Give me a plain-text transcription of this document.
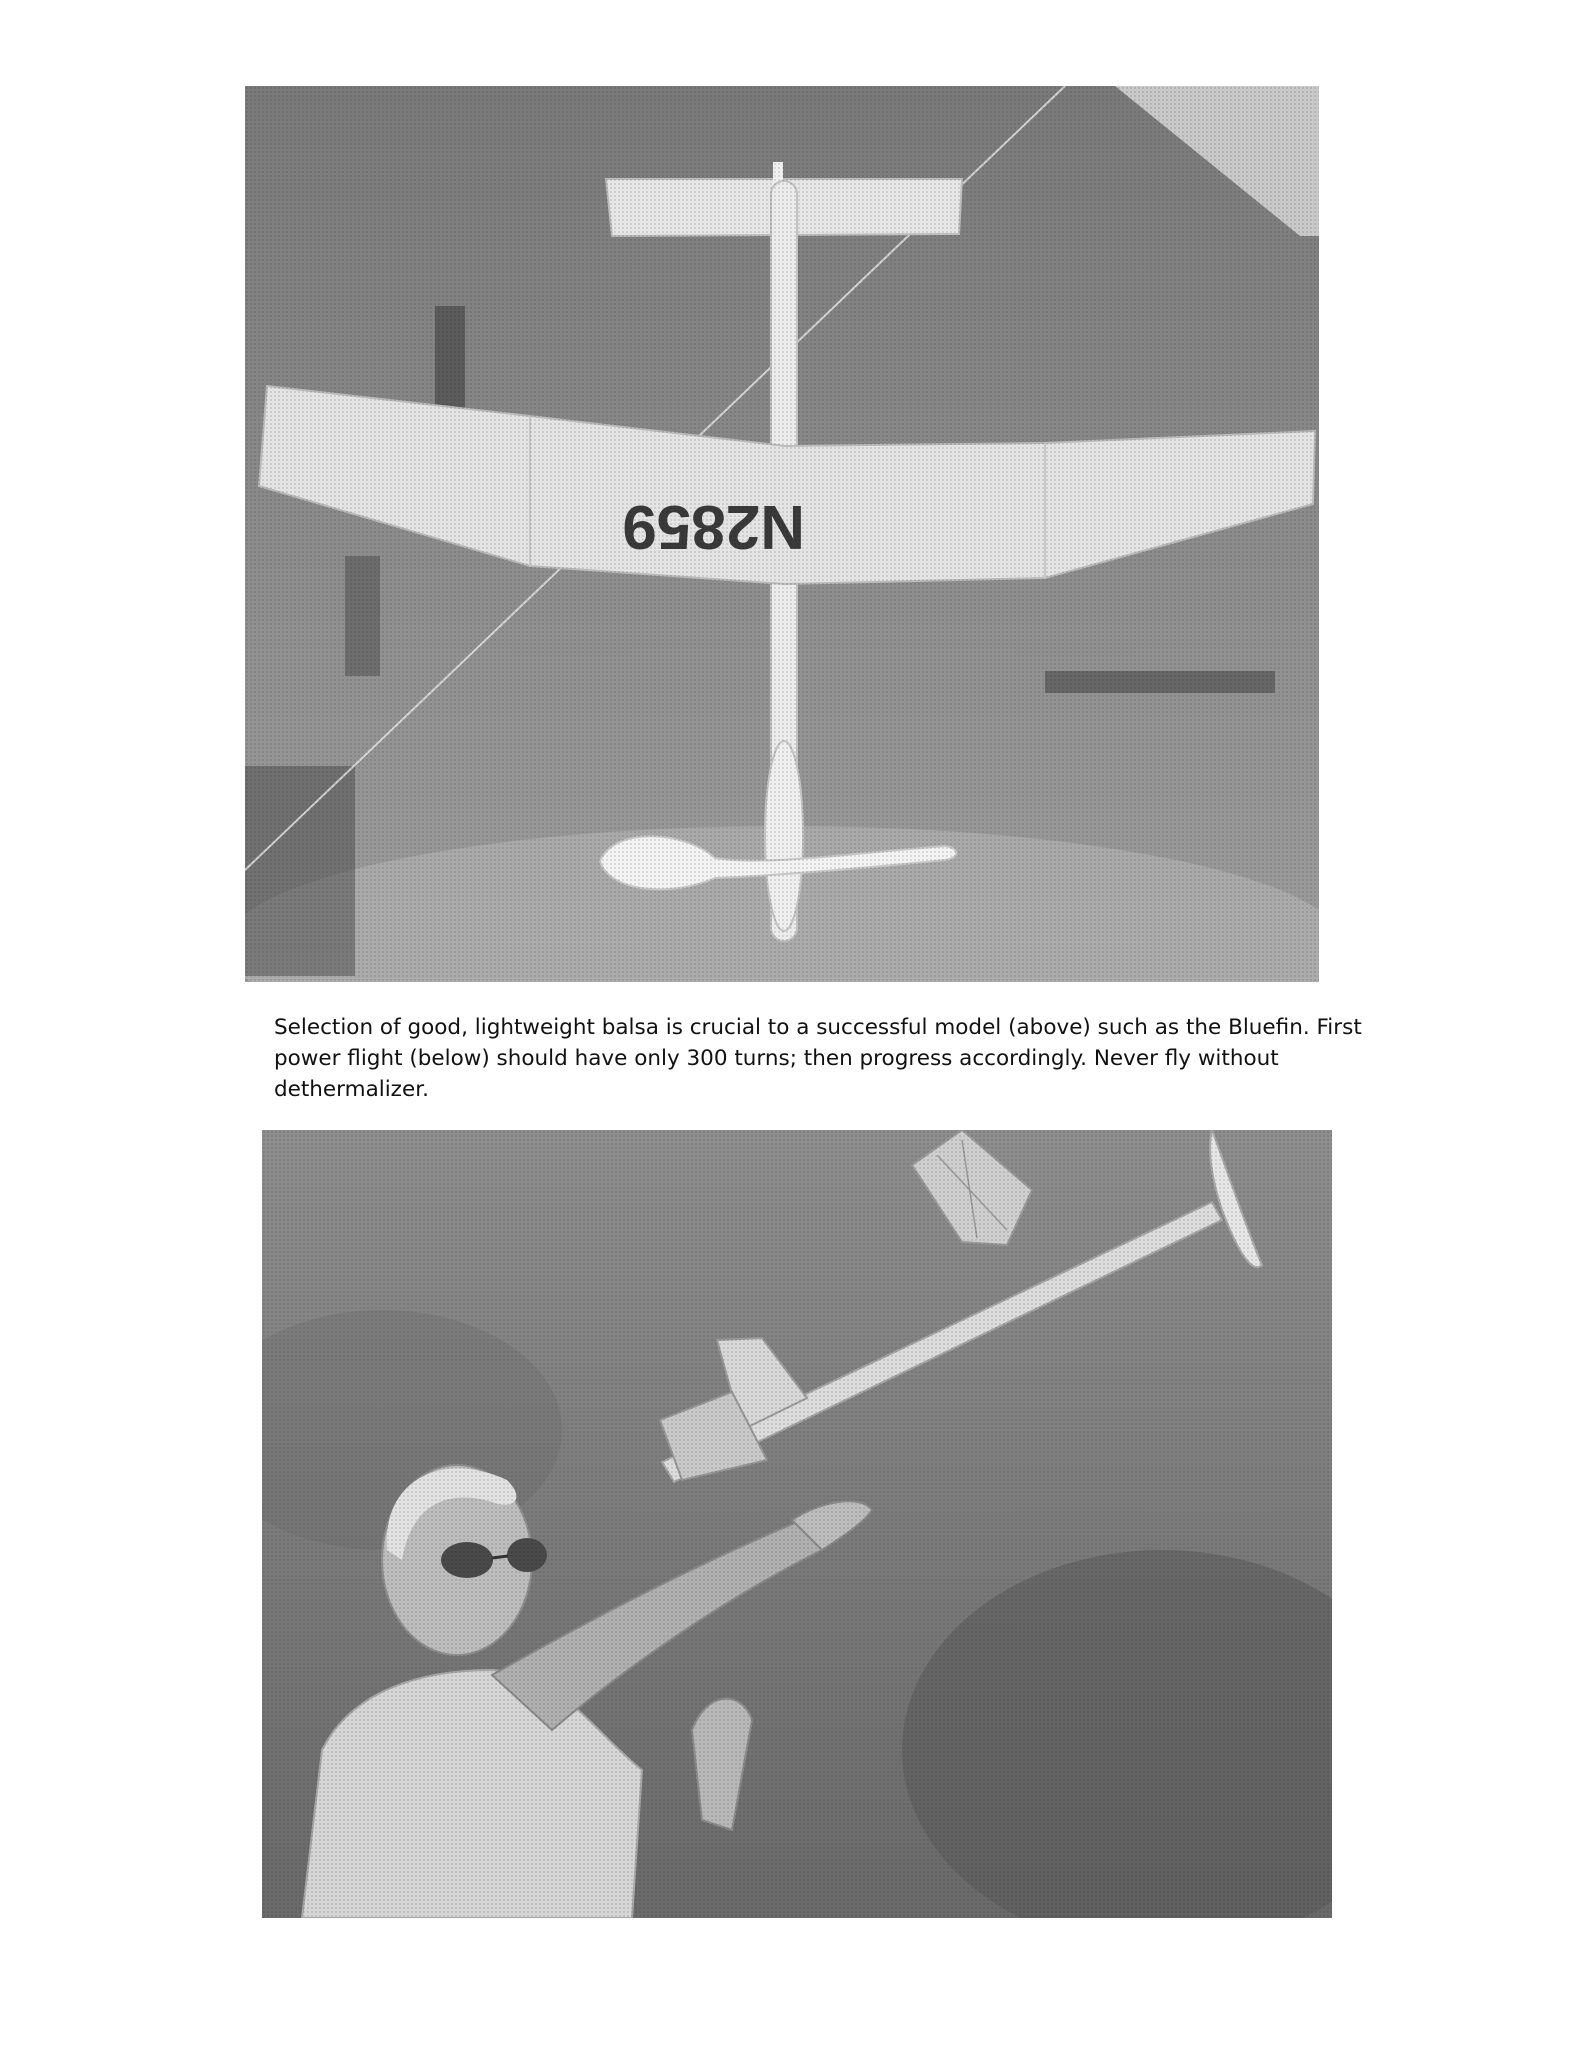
Selection of good, lightweight balsa is crucial to a successful model (above) such as the Bluefin. First
power flight (below) should have only 300 turns; then progress accordingly. Never fly without
dethermalizer.
